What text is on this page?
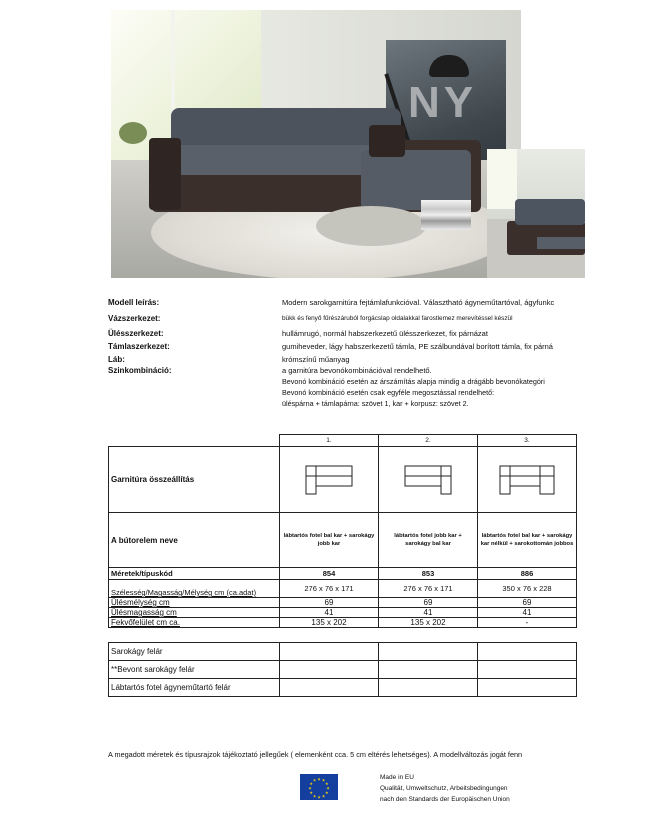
NY
Modell leírás:	Modern sarokgarnitúra fejtámlafunkcióval. Választható ágyneműtartóval, ágyfunkc
Vázszerkezet:	bükk és fenyő fűrészáruból forgácslap oldalakkal farostlemez merevítéssel készül
Ülésszerkezet:	hullámrugó, normál habszerkezetű ülésszerkezet, fix párnázat
Támlaszerkezet:	gumiheveder, lágy habszerkezetű támla, PE szálbundával borított támla, fix párná
Láb:	krómszínű műanyag
Szinkombináció:	a garnitúra bevonókombinációval rendelhető.
Bevonó kombináció esetén az árszámítás alapja mindig a drágább bevonókategóri
Bevonó kombináció esetén csak egyféle megosztással rendelhető:
üléspárna + támlapárna: szövet 1, kar + korpusz: szövet 2.
	1.	2.	3.
Garnitúra összeállítás			
A bútorelem neve	lábtartós fotel bal kar + sarokágy jobb kar	lábtartós fotel jobb kar + sarokágy bal kar	lábtartós fotel bal kar + sarokágy kar nélkül + sarokottomán jobbos
Méretek/típuskód	854	853	886
Szélesség/Magasság/Mélység cm (ca.adat)	276 x 76 x 171	276 x 76 x 171	350 x 76 x 228
Ülésmélység cm	69	69	69
Ülésmagasság cm	41	41	41
Fekvőfelület cm ca.	135 x 202	135 x 202	-
Sarokágy felár			
**Bevont sarokágy felár			
Lábtartós fotel ágyneműtartó felár			
A megadott méretek és típusrajzok tájékoztató jellegűek ( elemenként cca. 5 cm eltérés lehetséges). A modellváltozás jogát fenn
★ ★
★
★
★
★
★
★
★
★
★
★	Made in EU
Qualität, Umweltschutz, Arbeitsbedingungen
nach den Standards der Europäischen Union
